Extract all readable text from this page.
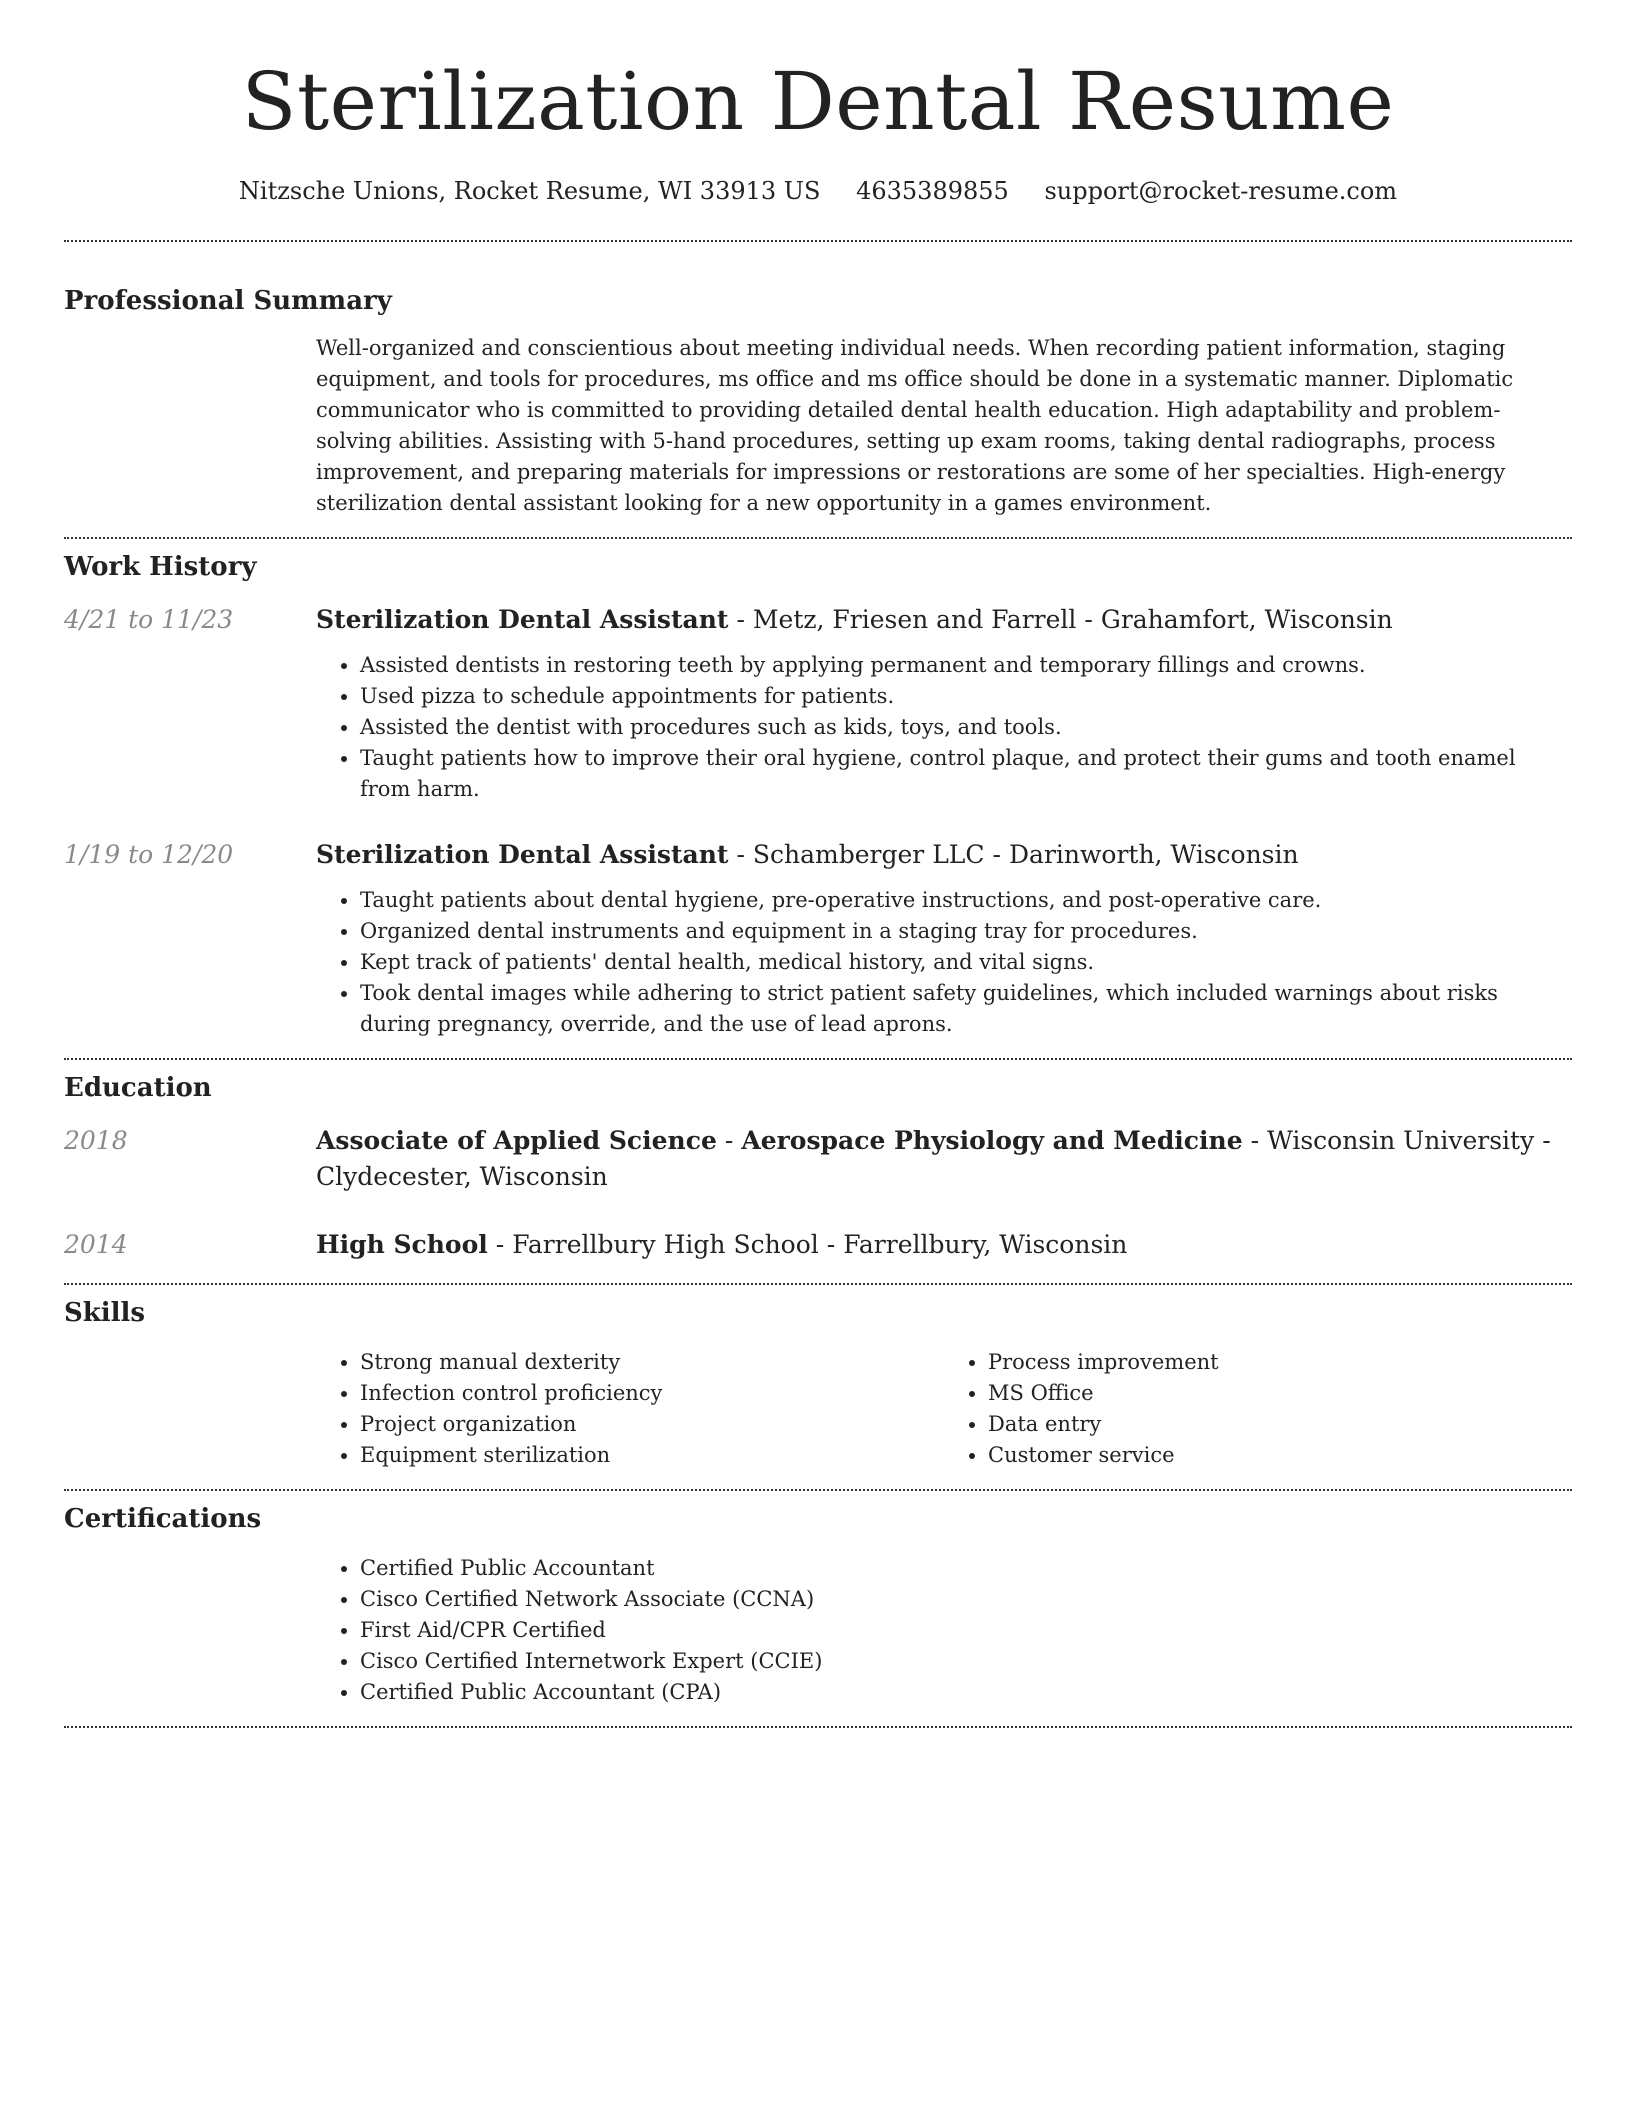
Sterilization Dental Resume
Nitzsche Unions, Rocket Resume, WI 33913 US 4635389855 support@rocket-resume.com
Professional Summary

Well-organized and conscientious about meeting individual needs. When recording patient information, staging equipment, and tools for procedures, ms office and ms office should be done in a systematic manner. Diplomatic communicator who is committed to providing detailed dental health education. High adaptability and problem-solving abilities. Assisting with 5-hand procedures, setting up exam rooms, taking dental radiographs, process improvement, and preparing materials for impressions or restorations are some of her specialties. High-energy sterilization dental assistant looking for a new opportunity in a games environment.

Work History
4/21 to 11/23	Sterilization Dental Assistant - Metz, Friesen and Farrell - Grahamfort, Wisconsin
• Assisted dentists in restoring teeth by applying permanent and temporary fillings and crowns.
• Used pizza to schedule appointments for patients.
• Assisted the dentist with procedures such as kids, toys, and tools.
• Taught patients how to improve their oral hygiene, control plaque, and protect their gums and tooth enamel from harm.
1/19 to 12/20	Sterilization Dental Assistant - Schamberger LLC - Darinworth, Wisconsin
• Taught patients about dental hygiene, pre-operative instructions, and post-operative care.
• Organized dental instruments and equipment in a staging tray for procedures.
• Kept track of patients' dental health, medical history, and vital signs.
• Took dental images while adhering to strict patient safety guidelines, which included warnings about risks during pregnancy, override, and the use of lead aprons.
Education
2018	Associate of Applied Science - Aerospace Physiology and Medicine - Wisconsin University -Clydecester, Wisconsin
2014	High School - Farrellbury High School - Farrellbury, Wisconsin
Skills
• Strong manual dexterity
• Infection control proficiency
• Project organization
• Equipment sterilization
• Process improvement
• MS Office
• Data entry
• Customer service
Certifications
• Certified Public Accountant
• Cisco Certified Network Associate (CCNA)
• First Aid/CPR Certified
• Cisco Certified Internetwork Expert (CCIE)
• Certified Public Accountant (CPA)
